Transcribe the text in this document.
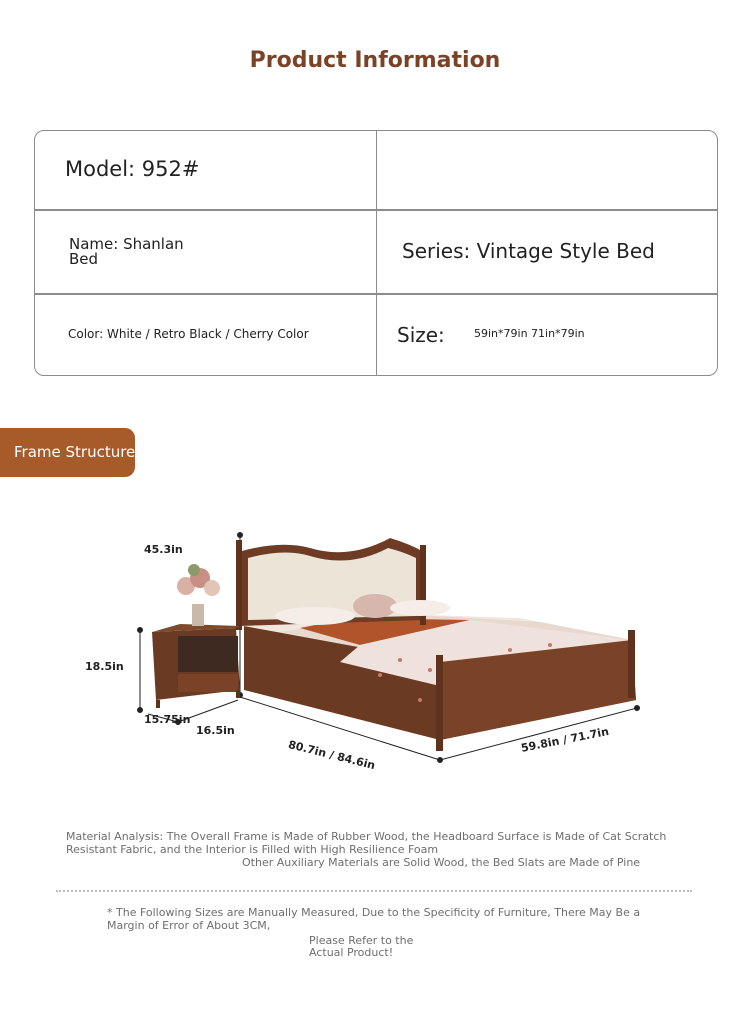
Product Information
Model: 952#
Name: Shanlan Bed	Series: Vintage Style Bed
Color: White / Retro Black / Cherry Color	Size:	59in*79in 71in*79in
Frame Structure
45.3in
18.5in
15.75in
16.5in
80.7in / 84.6in	59.8in / 71.7in
Material Analysis: The Overall Frame is Made of Rubber Wood, the Headboard Surface is Made of Cat Scratch Resistant Fabric, and the Interior is Filled with High Resilience Foam
Other Auxiliary Materials are Solid Wood, the Bed Slats are Made of Pine
* The Following Sizes are Manually Measured, Due to the Specificity of Furniture, There May Be a Margin of Error of About 3CM,
Please Refer to the Actual Product!
